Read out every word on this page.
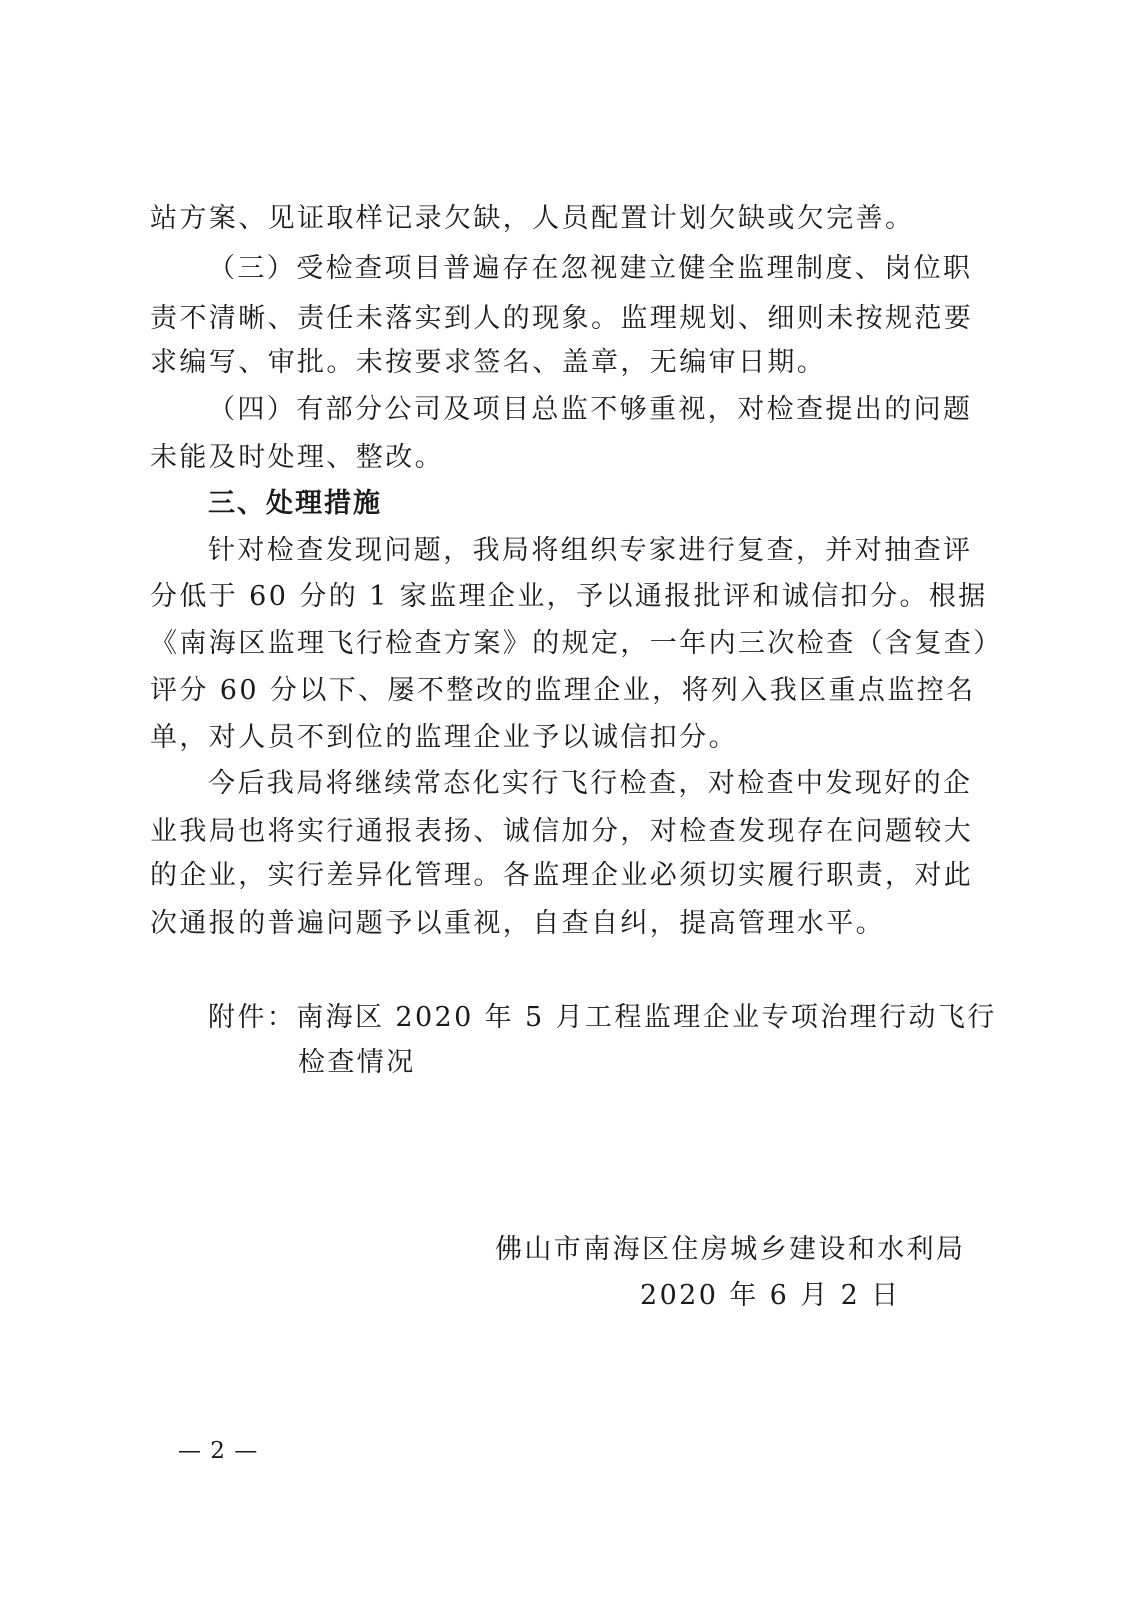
站方案、见证取样记录欠缺，人员配置计划欠缺或欠完善。
（三）受检查项目普遍存在忽视建立健全监理制度、岗位职
责不清晰、责任未落实到人的现象。监理规划、细则未按规范要
求编写、审批。未按要求签名、盖章，无编审日期。
（四）有部分公司及项目总监不够重视，对检查提出的问题
未能及时处理、整改。
三、处理措施
针对检查发现问题，我局将组织专家进行复查，并对抽查评
分低于 60 分的 1 家监理企业，予以通报批评和诚信扣分。根据
《南海区监理飞行检查方案》的规定，一年内三次检查（含复查）
评分 60 分以下、屡不整改的监理企业，将列入我区重点监控名
单，对人员不到位的监理企业予以诚信扣分。
今后我局将继续常态化实行飞行检查，对检查中发现好的企
业我局也将实行通报表扬、诚信加分，对检查发现存在问题较大
的企业，实行差异化管理。各监理企业必须切实履行职责，对此
次通报的普遍问题予以重视，自查自纠，提高管理水平。
附件：南海区 2020 年 5 月工程监理企业专项治理行动飞行
检查情况
佛山市南海区住房城乡建设和水利局
2020 年 6 月 2 日
— 2 —
